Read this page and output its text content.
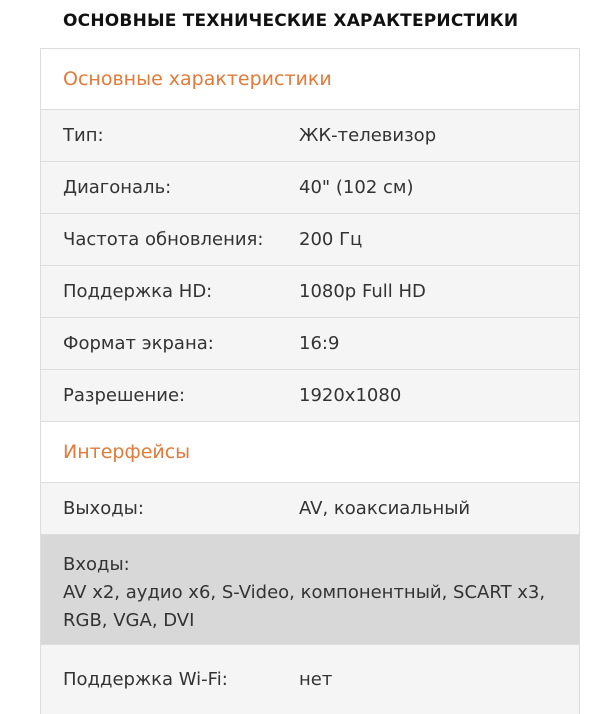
ОСНОВНЫЕ ТЕХНИЧЕСКИЕ ХАРАКТЕРИСТИКИ
Основные характеристики
Тип:	ЖК-телевизор
Диагональ:	40" (102 см)
Частота обновления: 200 Гц
Поддержка HD:	1080p Full HD
Формат экрана:	16:9
Разрешение:	1920x1080
Интерфейсы
Выходы:	AV, коаксиальный
Входы:
AV x2, аудио x6, S-Video, компонентный, SCART x3, RGB, VGA, DVI
Поддержка Wi-Fi:	нет
